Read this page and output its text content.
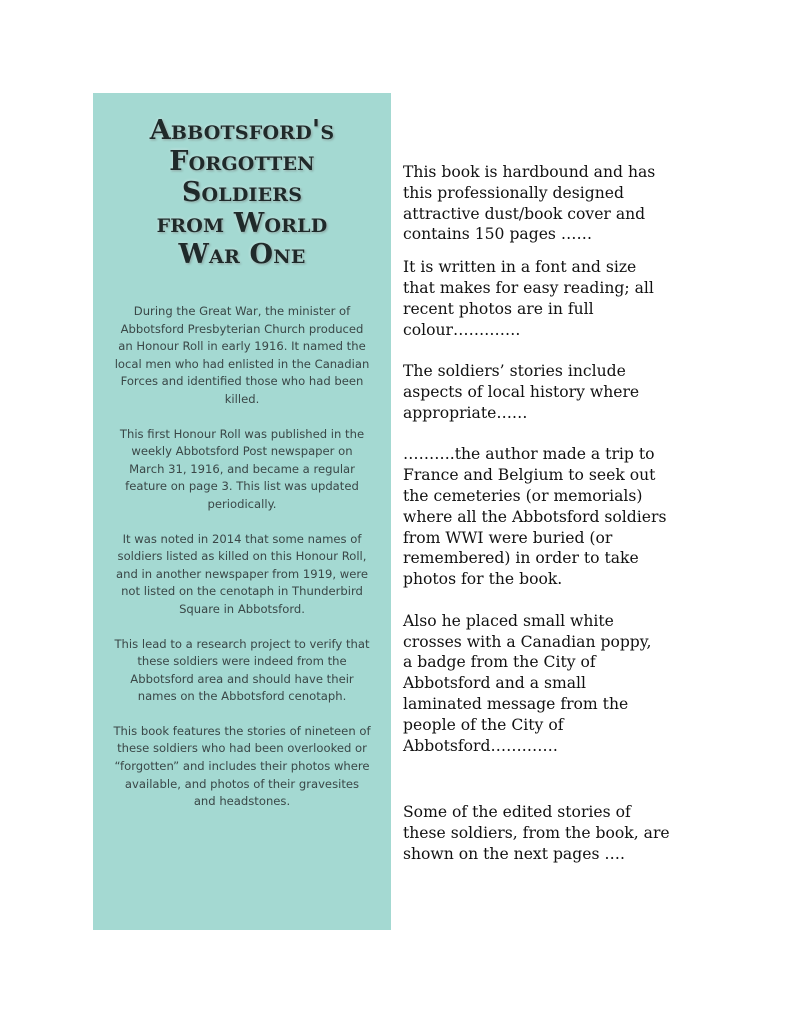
Abbotsford's
Forgotten
Soldiers
from World
War One

During the Great War, the minister of Abbotsford Presbyterian Church produced an Honour Roll in early 1916. It named the local men who had enlisted in the Canadian Forces and identified those who had been killed.

This first Honour Roll was published in the weekly Abbotsford Post newspaper on March 31, 1916, and became a regular feature on page 3. This list was updated periodically.

It was noted in 2014 that some names of soldiers listed as killed on this Honour Roll, and in another newspaper from 1919, were not listed on the cenotaph in Thunderbird Square in Abbotsford.

This lead to a research project to verify that these soldiers were indeed from the Abbotsford area and should have their names on the Abbotsford cenotaph.

This book features the stories of nineteen of these soldiers who had been overlooked or “forgotten” and includes their photos where available, and photos of their gravesites and headstones.

This book is hardbound and has
this professionally designed
attractive dust/book cover and
contains 150 pages ……

It is written in a font and size
that makes for easy reading; all
recent photos are in full
colour………….

The soldiers’ stories include
aspects of local history where
appropriate……

……….the author made a trip to
France and Belgium to seek out
the cemeteries (or memorials)
where all the Abbotsford soldiers
from WWI were buried (or
remembered) in order to take
photos for the book.

Also he placed small white
crosses with a Canadian poppy,
a badge from the City of
Abbotsford and a small
laminated message from the
people of the City of
Abbotsford………….

Some of the edited stories of
these soldiers, from the book, are
shown on the next pages ….
